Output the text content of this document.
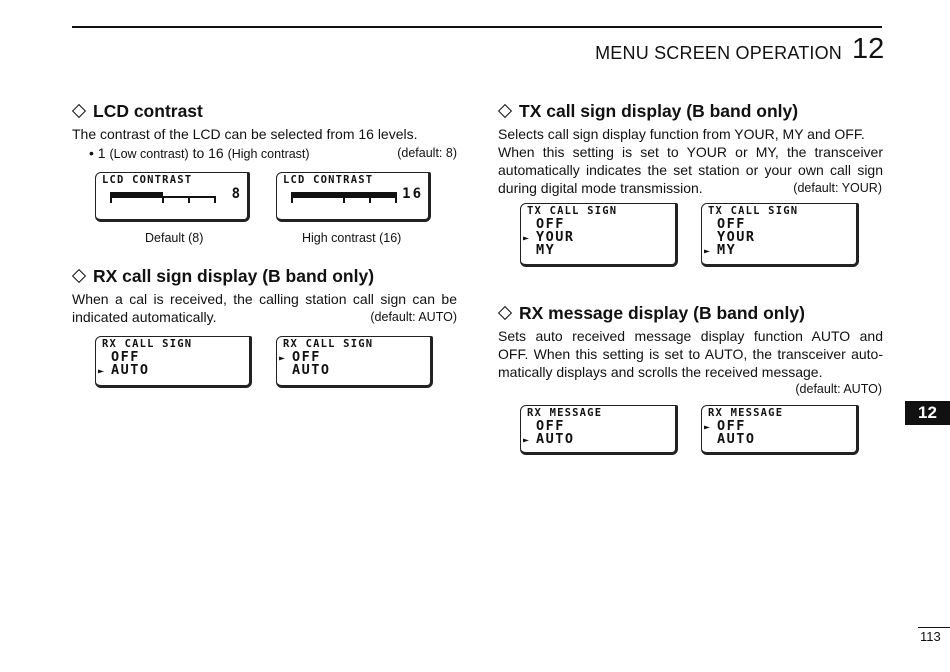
MENU SCREEN OPERATION 12
LCD contrast
The contrast of the LCD can be selected from 16 levels.
• 1 (Low contrast) to 16 (High contrast)	(default: 8)
LCD CONTRAST
8
Default (8)
LCD CONTRAST
16
High contrast (16)
RX call sign display (B band only)
When a cal is received, the calling station call sign can be
indicated automatically.	(default: AUTO)
RX CALL SIGN
OFF
► AUTO
RX CALL SIGN
► OFF
AUTO
TX call sign display (B band only)
Selects call sign display function from YOUR, MY and OFF.
When this setting is set to YOUR or MY, the transceiver
automatically indicates the set station or your own call sign
during digital mode transmission.	(default: YOUR)
TX CALL SIGN
OFF
► YOUR
MY
TX CALL SIGN
OFF
YOUR
► MY
RX message display (B band only)
Sets auto received message display function AUTO and
OFF. When this setting is set to AUTO, the transceiver auto-
matically displays and scrolls the received message.
(default: AUTO)
RX MESSAGE
OFF
► AUTO
RX MESSAGE
► OFF
AUTO
12
113
